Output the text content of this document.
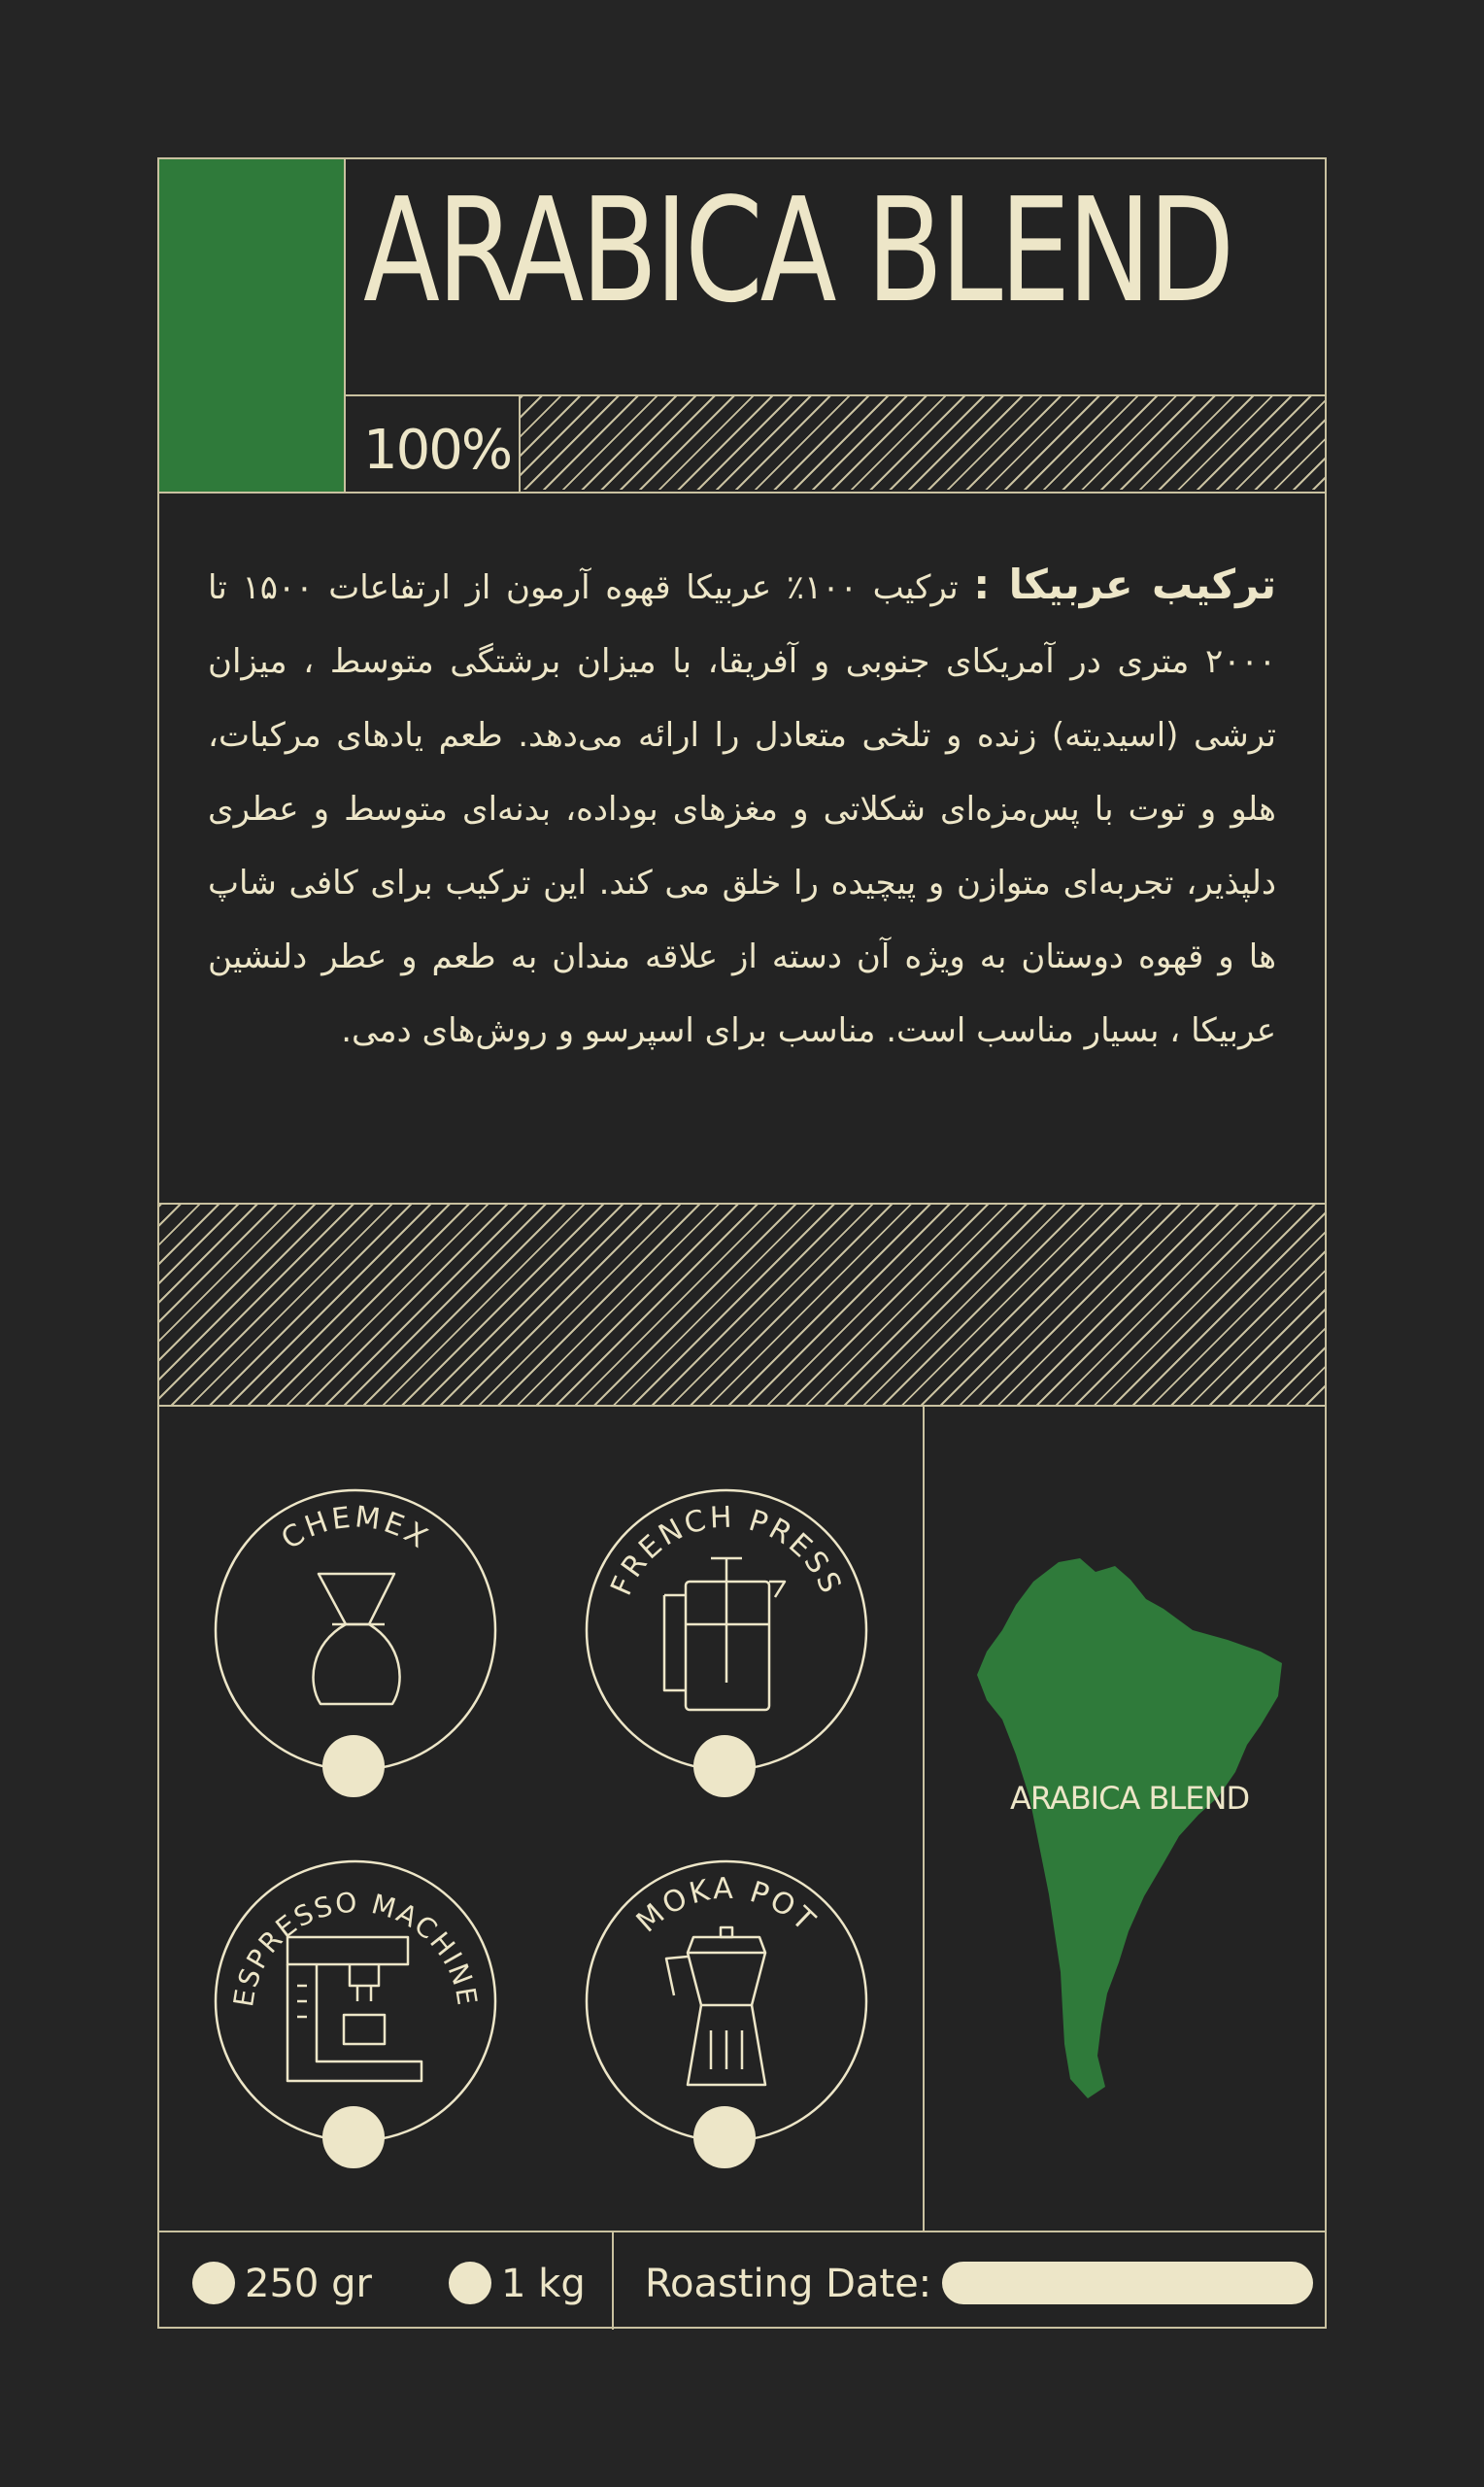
ARABICA BLEND
100%
ترکیب عربیکا : ترکیب ۱۰۰٪ عربیکا قهوه آرمون از ارتفاعات ۱۵۰۰ تا ۲۰۰۰ متری در آمریکای جنوبی و آفریقا، با میزان برشتگی متوسط ، میزان ترشی (اسیدیته) زنده و تلخی متعادل را ارائه می‌دهد. طعم یادهای مرکبات، هلو و توت با پس‌مزه‌ای شکلاتی و مغزهای بوداده، بدنه‌ای متوسط و عطری دلپذیر، تجربه‌ای متوازن و پیچیده را خلق می کند. این ترکیب برای کافی شاپ ها و قهوه دوستان به ویژه آن دسته از علاقه مندان به طعم و عطر دلنشین عربیکا ، بسیار مناسب است. مناسب برای اسپرسو و روش‌های دمی.
CHEMEX
FRENCH PRESS
ESPRESSO MACHINE
MOKA POT
ARABICA BLEND
250 gr	1 kg Roasting Date:
